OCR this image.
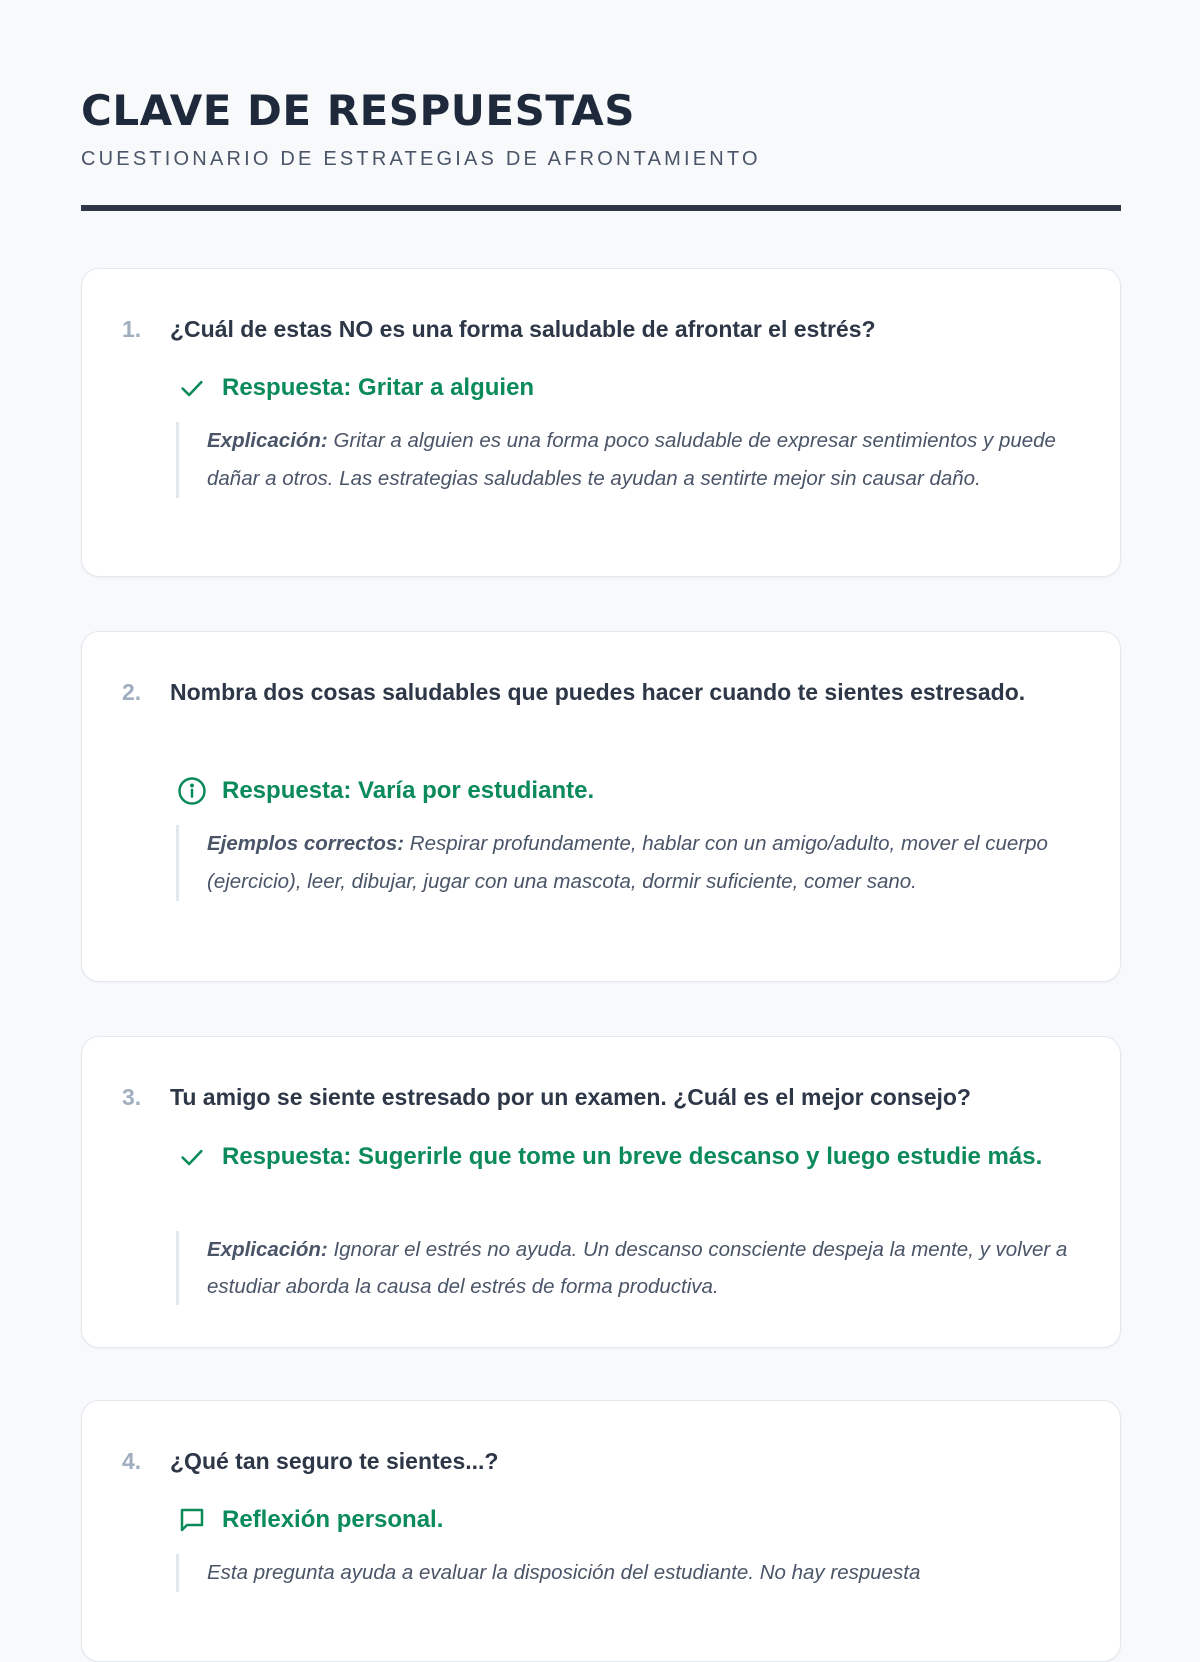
CLAVE DE RESPUESTAS
CUESTIONARIO DE ESTRATEGIAS DE AFRONTAMIENTO
1.	¿Cuál de estas NO es una forma saludable de afrontar el estrés?
Respuesta: Gritar a alguien
Explicación: Gritar a alguien es una forma poco saludable de expresar sentimientos y puede dañar a otros. Las estrategias saludables te ayudan a sentirte mejor sin causar daño.
2.	Nombra dos cosas saludables que puedes hacer cuando te sientes estresado.
Respuesta: Varía por estudiante.
Ejemplos correctos: Respirar profundamente, hablar con un amigo/adulto, mover el cuerpo (ejercicio), leer, dibujar, jugar con una mascota, dormir suficiente, comer sano.
3.	Tu amigo se siente estresado por un examen. ¿Cuál es el mejor consejo?
Respuesta: Sugerirle que tome un breve descanso y luego estudie más.
Explicación: Ignorar el estrés no ayuda. Un descanso consciente despeja la mente, y volver a estudiar aborda la causa del estrés de forma productiva.
4.	¿Qué tan seguro te sientes...?
Reflexión personal.
Esta pregunta ayuda a evaluar la disposición del estudiante. No hay respuesta
